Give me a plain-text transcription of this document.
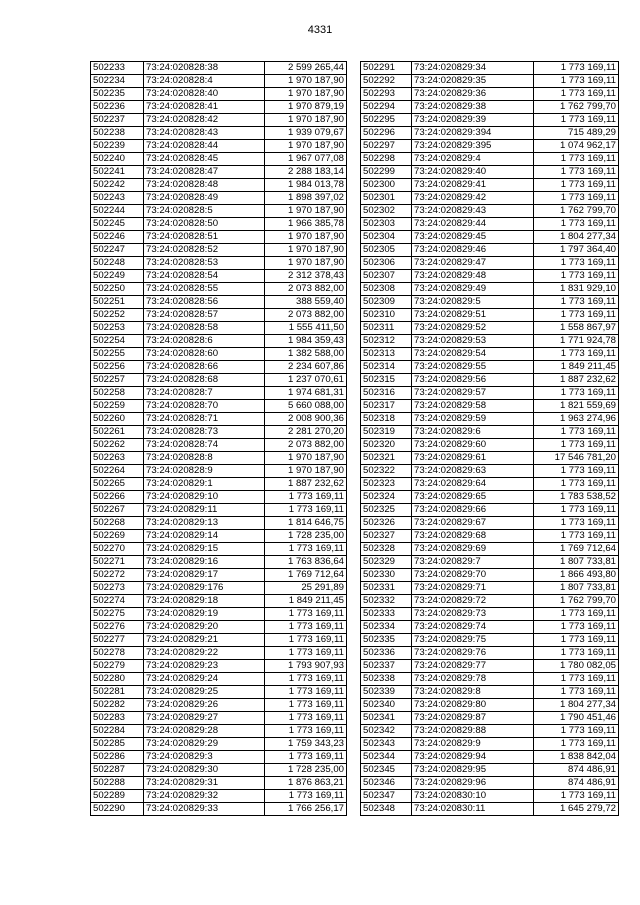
4331
502233	73:24:020828:38	2 599 265,44
502234	73:24:020828:4	1 970 187,90
502235	73:24:020828:40	1 970 187,90
502236	73:24:020828:41	1 970 879,19
502237	73:24:020828:42	1 970 187,90
502238	73:24:020828:43	1 939 079,67
502239	73:24:020828:44	1 970 187,90
502240	73:24:020828:45	1 967 077,08
502241	73:24:020828:47	2 288 183,14
502242	73:24:020828:48	1 984 013,78
502243	73:24:020828:49	1 898 397,02
502244	73:24:020828:5	1 970 187,90
502245	73:24:020828:50	1 966 385,78
502246	73:24:020828:51	1 970 187,90
502247	73:24:020828:52	1 970 187,90
502248	73:24:020828:53	1 970 187,90
502249	73:24:020828:54	2 312 378,43
502250	73:24:020828:55	2 073 882,00
502251	73:24:020828:56	388 559,40
502252	73:24:020828:57	2 073 882,00
502253	73:24:020828:58	1 555 411,50
502254	73:24:020828:6	1 984 359,43
502255	73:24:020828:60	1 382 588,00
502256	73:24:020828:66	2 234 607,86
502257	73:24:020828:68	1 237 070,61
502258	73:24:020828:7	1 974 681,31
502259	73:24:020828:70	5 660 088,00
502260	73:24:020828:71	2 008 900,36
502261	73:24:020828:73	2 281 270,20
502262	73:24:020828:74	2 073 882,00
502263	73:24:020828:8	1 970 187,90
502264	73:24:020828:9	1 970 187,90
502265	73:24:020829:1	1 887 232,62
502266	73:24:020829:10	1 773 169,11
502267	73:24:020829:11	1 773 169,11
502268	73:24:020829:13	1 814 646,75
502269	73:24:020829:14	1 728 235,00
502270	73:24:020829:15	1 773 169,11
502271	73:24:020829:16	1 763 836,64
502272	73:24:020829:17	1 769 712,64
502273	73:24:020829:176	25 291,89
502274	73:24:020829:18	1 849 211,45
502275	73:24:020829:19	1 773 169,11
502276	73:24:020829:20	1 773 169,11
502277	73:24:020829:21	1 773 169,11
502278	73:24:020829:22	1 773 169,11
502279	73:24:020829:23	1 793 907,93
502280	73:24:020829:24	1 773 169,11
502281	73:24:020829:25	1 773 169,11
502282	73:24:020829:26	1 773 169,11
502283	73:24:020829:27	1 773 169,11
502284	73:24:020829:28	1 773 169,11
502285	73:24:020829:29	1 759 343,23
502286	73:24:020829:3	1 773 169,11
502287	73:24:020829:30	1 728 235,00
502288	73:24:020829:31	1 876 863,21
502289	73:24:020829:32	1 773 169,11
502290	73:24:020829:33	1 766 256,17
502291	73:24:020829:34	1 773 169,11
502292	73:24:020829:35	1 773 169,11
502293	73:24:020829:36	1 773 169,11
502294	73:24:020829:38	1 762 799,70
502295	73:24:020829:39	1 773 169,11
502296	73:24:020829:394	715 489,29
502297	73:24:020829:395	1 074 962,17
502298	73:24:020829:4	1 773 169,11
502299	73:24:020829:40	1 773 169,11
502300	73:24:020829:41	1 773 169,11
502301	73:24:020829:42	1 773 169,11
502302	73:24:020829:43	1 762 799,70
502303	73:24:020829:44	1 773 169,11
502304	73:24:020829:45	1 804 277,34
502305	73:24:020829:46	1 797 364,40
502306	73:24:020829:47	1 773 169,11
502307	73:24:020829:48	1 773 169,11
502308	73:24:020829:49	1 831 929,10
502309	73:24:020829:5	1 773 169,11
502310	73:24:020829:51	1 773 169,11
502311	73:24:020829:52	1 558 867,97
502312	73:24:020829:53	1 771 924,78
502313	73:24:020829:54	1 773 169,11
502314	73:24:020829:55	1 849 211,45
502315	73:24:020829:56	1 887 232,62
502316	73:24:020829:57	1 773 169,11
502317	73:24:020829:58	1 821 559,69
502318	73:24:020829:59	1 963 274,96
502319	73:24:020829:6	1 773 169,11
502320	73:24:020829:60	1 773 169,11
502321	73:24:020829:61	17 546 781,20
502322	73:24:020829:63	1 773 169,11
502323	73:24:020829:64	1 773 169,11
502324	73:24:020829:65	1 783 538,52
502325	73:24:020829:66	1 773 169,11
502326	73:24:020829:67	1 773 169,11
502327	73:24:020829:68	1 773 169,11
502328	73:24:020829:69	1 769 712,64
502329	73:24:020829:7	1 807 733,81
502330	73:24:020829:70	1 866 493,80
502331	73:24:020829:71	1 807 733,81
502332	73:24:020829:72	1 762 799,70
502333	73:24:020829:73	1 773 169,11
502334	73:24:020829:74	1 773 169,11
502335	73:24:020829:75	1 773 169,11
502336	73:24:020829:76	1 773 169,11
502337	73:24:020829:77	1 780 082,05
502338	73:24:020829:78	1 773 169,11
502339	73:24:020829:8	1 773 169,11
502340	73:24:020829:80	1 804 277,34
502341	73:24:020829:87	1 790 451,46
502342	73:24:020829:88	1 773 169,11
502343	73:24:020829:9	1 773 169,11
502344	73:24:020829:94	1 838 842,04
502345	73:24:020829:95	874 486,91
502346	73:24:020829:96	874 486,91
502347	73:24:020830:10	1 773 169,11
502348	73:24:020830:11	1 645 279,72
